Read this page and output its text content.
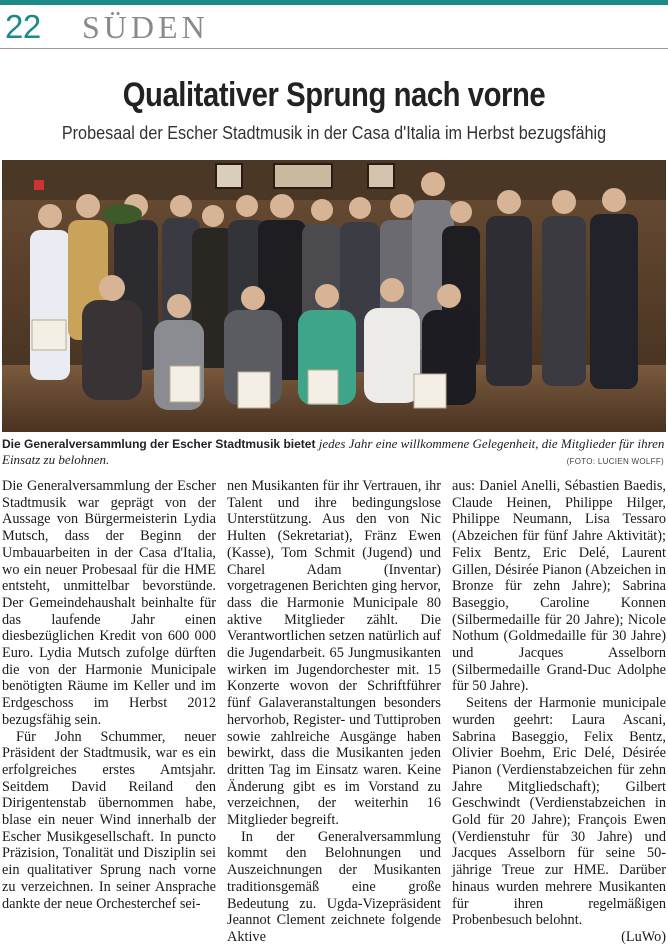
22 SÜDEN
Qualitativer Sprung nach vorne
Probesaal der Escher Stadtmusik in der Casa d'Italia im Herbst bezugsfähig
Die Generalversammlung der Escher Stadtmusik bietet jedes Jahr eine willkommene Gelegenheit, die Mitglieder für ihren Einsatz zu belohnen.	(FOTO: LUCIEN WOLFF)

Die Generalversammlung der Escher Stadtmusik war geprägt von der Aussage von Bürgermeisterin Lydia Mutsch, dass der Beginn der Umbauarbeiten in der Casa d'Italia, wo ein neuer Probesaal für die HME entsteht, unmittelbar bevorstünde. Der Gemeindehaushalt beinhalte für das laufende Jahr einen diesbezüglichen Kredit von 600 000 Euro. Lydia Mutsch zufolge dürften die von der Harmonie Municipale benötigten Räume im Keller und im Erdgeschoss im Herbst 2012 bezugsfähig sein.

Für John Schummer, neuer Präsident der Stadtmusik, war es ein erfolgreiches erstes Amtsjahr. Seitdem David Reiland den Dirigentenstab übernommen habe, blase ein neuer Wind innerhalb der Escher Musikgesellschaft. In puncto Präzision, Tonalität und Disziplin sei ein qualitativer Sprung nach vorne zu verzeichnen. In seiner Ansprache dankte der neue Orchesterchef sei-

nen Musikanten für ihr Vertrauen, ihr Talent und ihre bedingungslose Unterstützung. Aus den von Nic Hulten (Sekretariat), Fränz Ewen (Kasse), Tom Schmit (Jugend) und Charel Adam (Inventar) vorgetragenen Berichten ging hervor, dass die Harmonie Municipale 80 aktive Mitglieder zählt. Die Verantwortlichen setzen natürlich auf die Jugendarbeit. 65 Jungmusikanten wirken im Jugendorchester mit. 15 Konzerte wovon der Schriftführer fünf Galaveranstaltungen besonders hervorhob, Register- und Tuttiproben sowie zahlreiche Ausgänge haben bewirkt, dass die Musikanten jeden dritten Tag im Einsatz waren. Keine Änderung gibt es im Vorstand zu verzeichnen, der weiterhin 16 Mitglieder begreift.

In der Generalversammlung kommt den Belohnungen und Auszeichnungen der Musikanten traditionsgemäß eine große Bedeutung zu. Ugda-Vizepräsident Jeannot Clement zeichnete folgende Aktive

aus: Daniel Anelli, Sébastien Baedis, Claude Heinen, Philippe Hilger, Philippe Neumann, Lisa Tessaro (Abzeichen für fünf Jahre Aktivität); Felix Bentz, Eric Delé, Laurent Gillen, Désirée Pianon (Abzeichen in Bronze für zehn Jahre); Sabrina Baseggio, Caroline Konnen (Silbermedaille für 20 Jahre); Nicole Nothum (Goldmedaille für 30 Jahre) und Jacques Asselborn (Silbermedaille Grand-Duc Adolphe für 50 Jahre).

Seitens der Harmonie municipale wurden geehrt: Laura Ascani, Sabrina Baseggio, Felix Bentz, Olivier Boehm, Eric Delé, Désirée Pianon (Verdienstabzeichen für zehn Jahre Mitgliedschaft); Gilbert Geschwindt (Verdienstabzeichen in Gold für 20 Jahre); François Ewen (Verdienstuhr für 30 Jahre) und Jacques Asselborn für seine 50-jährige Treue zur HME. Darüber hinaus wurden mehrere Musikanten für ihren regelmäßigen Probenbesuch belohnt.

(LuWo)
